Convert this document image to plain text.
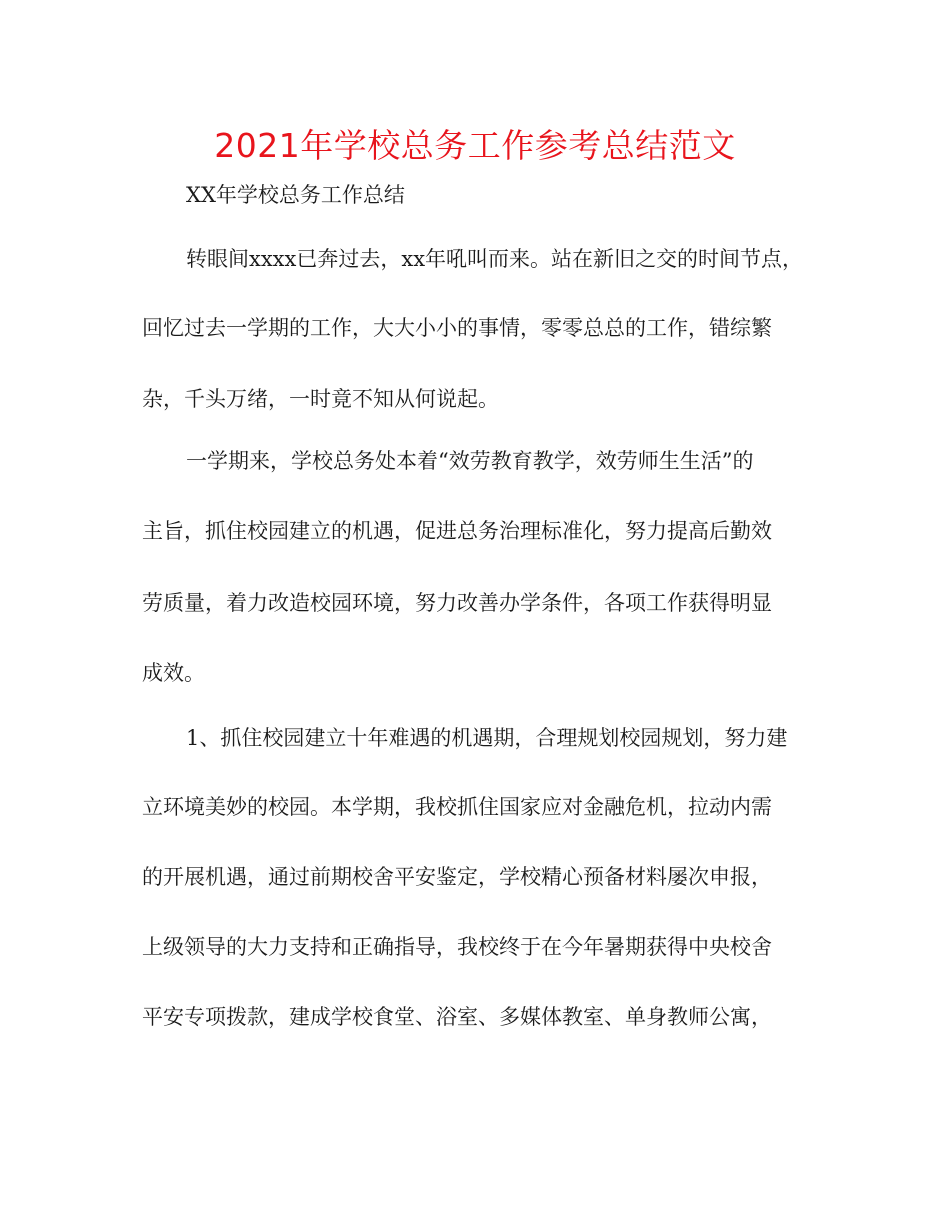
2021年学校总务工作参考总结范文
XX年学校总务工作总结
转眼间xxxx已奔过去，xx年吼叫而来。站在新旧之交的时间节点，
回忆过去一学期的工作，大大小小的事情，零零总总的工作，错综繁
杂，千头万绪，一时竟不知从何说起。
一学期来，学校总务处本着“效劳教育教学，效劳师生生活”的
主旨，抓住校园建立的机遇，促进总务治理标准化，努力提高后勤效
劳质量，着力改造校园环境，努力改善办学条件，各项工作获得明显
成效。
1、抓住校园建立十年难遇的机遇期，合理规划校园规划，努力建
立环境美妙的校园。本学期，我校抓住国家应对金融危机，拉动内需
的开展机遇，通过前期校舍平安鉴定，学校精心预备材料屡次申报，
上级领导的大力支持和正确指导，我校终于在今年暑期获得中央校舍
平安专项拨款，建成学校食堂、浴室、多媒体教室、单身教师公寓，
